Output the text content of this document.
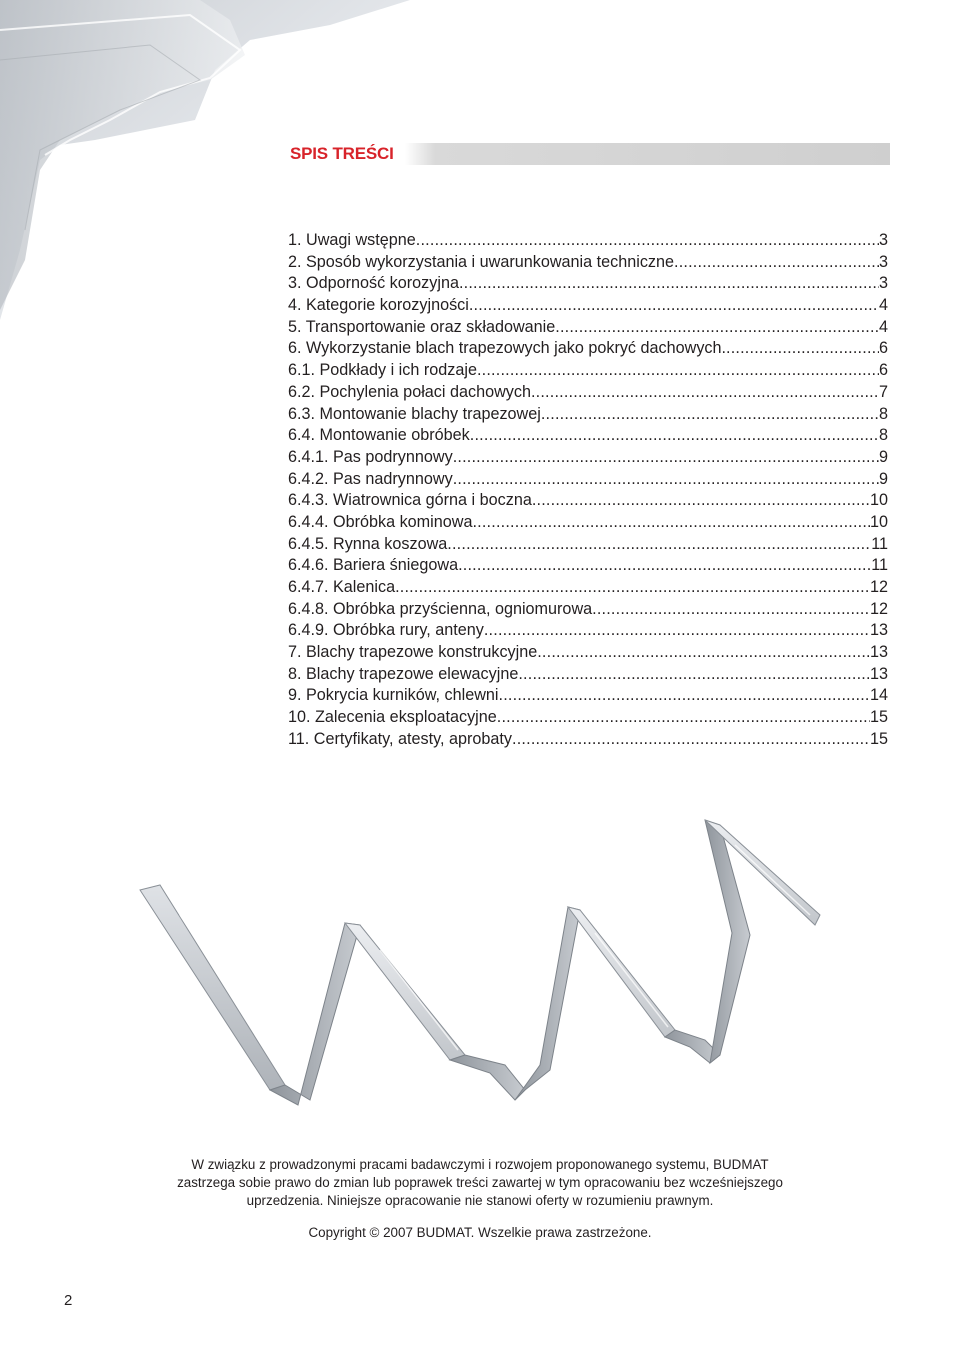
SPIS TREŚCI
1. Uwagi wstępne .....	3
2. Sposób wykorzystania i uwarunkowania techniczne .....	3
3. Odporność korozyjna .....	3
4. Kategorie korozyjności .....	4
5. Transportowanie oraz składowanie .....	4
6. Wykorzystanie blach trapezowych jako pokryć dachowych. .....	6
6.1. Podkłady i ich rodzaje .....	6
6.2. Pochylenia połaci dachowych .....	7
6.3. Montowanie blachy trapezowej .....	8
6.4. Montowanie obróbek .....	8
6.4.1. Pas podrynnowy .....	9
6.4.2. Pas nadrynnowy .....	9
6.4.3. Wiatrownica górna i boczna .....	10
6.4.4. Obróbka kominowa .....	10
6.4.5. Rynna koszowa .....	11
6.4.6. Bariera śniegowa .....	11
6.4.7. Kalenica .....	12
6.4.8. Obróbka przyścienna, ogniomurowa .....	12
6.4.9. Obróbka rury, anteny .....	13
7. Blachy trapezowe konstrukcyjne .....	13
8. Blachy trapezowe elewacyjne .....	13
9. Pokrycia kurników, chlewni .....	14
10. Zalecenia eksploatacyjne .....	15
11. Certyfikaty, atesty, aprobaty .....	15

W związku z prowadzonymi pracami badawczymi i rozwojem proponowanego systemu, BUDMAT

zastrzega sobie prawo do zmian lub poprawek treści zawartej w tym opracowaniu bez wcześniejszego

uprzedzenia. Niniejsze opracowanie nie stanowi oferty w rozumieniu prawnym.

Copyright © 2007 BUDMAT. Wszelkie prawa zastrzeżone.
2
